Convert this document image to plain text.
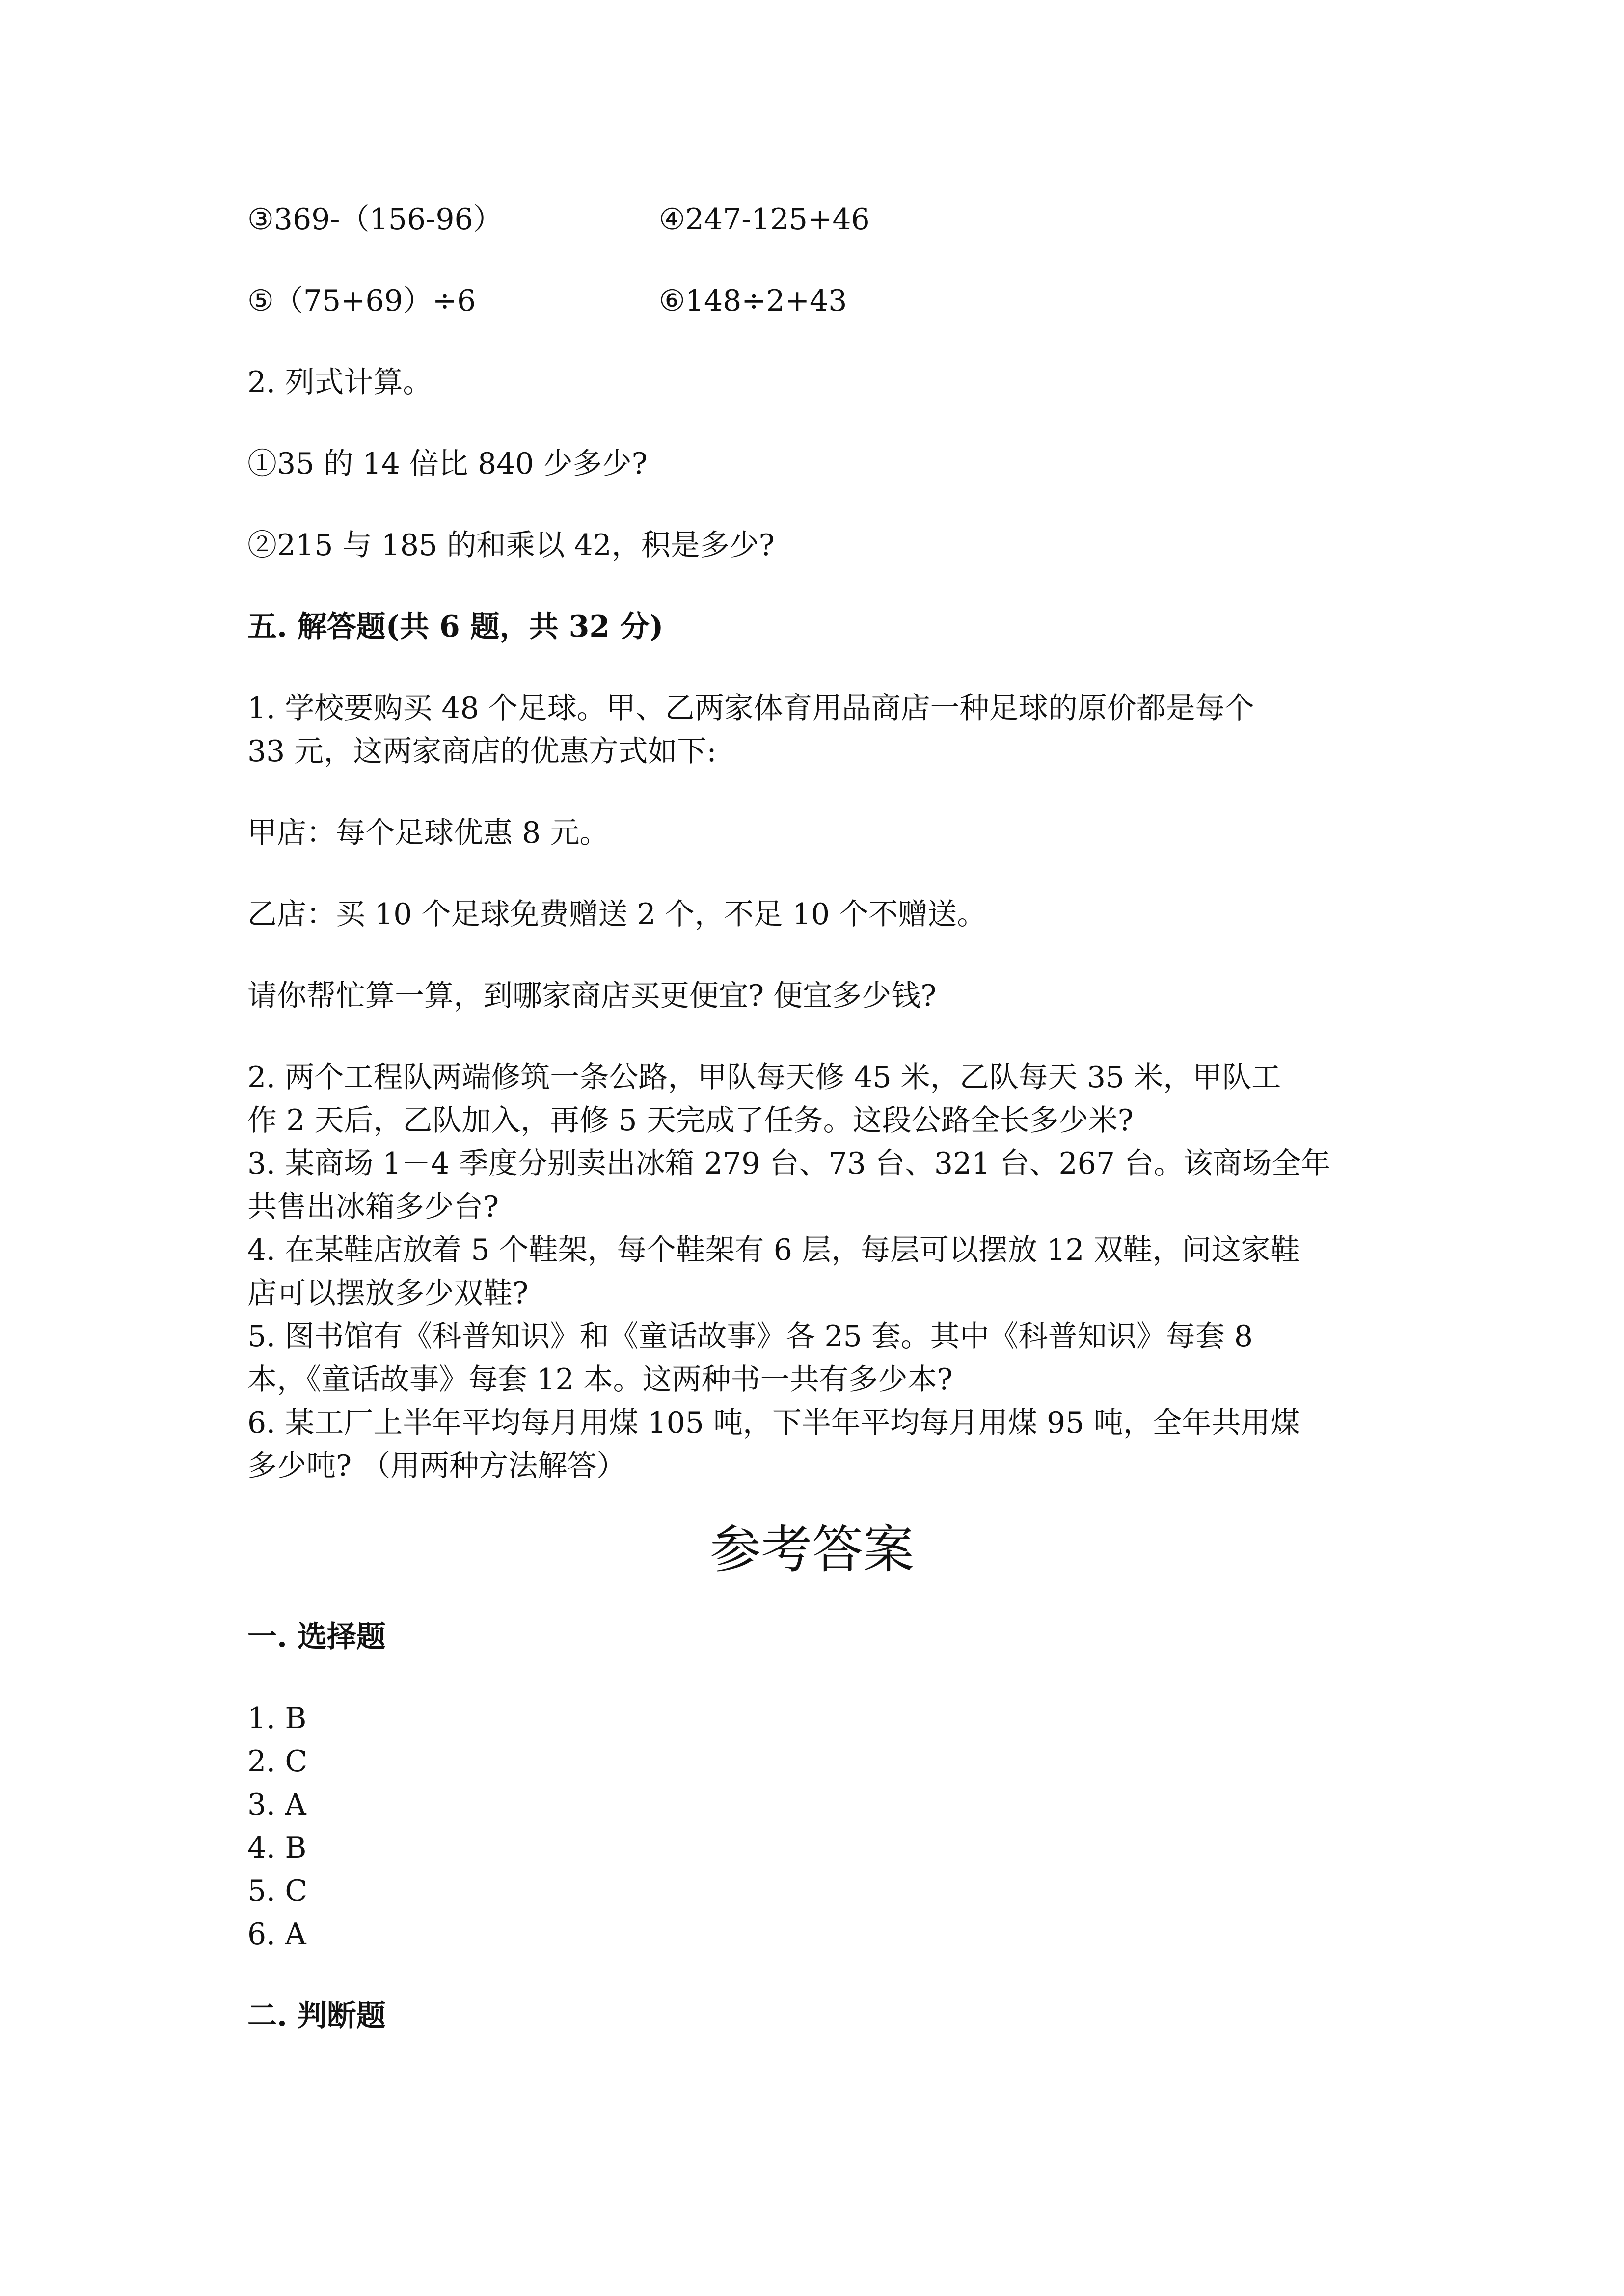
③369-（156-96）	④247-125+46

⑤（75+69）÷6	⑥148÷2+43

2. 列式计算。

①35 的 14 倍比 840 少多少?

②215 与 185 的和乘以 42，积是多少?

五. 解答题(共 6 题，共 32 分)

1. 学校要购买 48 个足球。甲、乙两家体育用品商店一种足球的原价都是每个

33 元，这两家商店的优惠方式如下:

甲店：每个足球优惠 8 元。

乙店：买 10 个足球免费赠送 2 个，不足 10 个不赠送。

请你帮忙算一算，到哪家商店买更便宜? 便宜多少钱?

2. 两个工程队两端修筑一条公路，甲队每天修 45 米，乙队每天 35 米，甲队工

作 2 天后，乙队加入，再修 5 天完成了任务。这段公路全长多少米?

3. 某商场 1－4 季度分别卖出冰箱 279 台、73 台、321 台、267 台。该商场全年

共售出冰箱多少台?

4. 在某鞋店放着 5 个鞋架，每个鞋架有 6 层，每层可以摆放 12 双鞋，问这家鞋

店可以摆放多少双鞋?

5. 图书馆有《科普知识》和《童话故事》各 25 套。其中《科普知识》每套 8

本，《童话故事》每套 12 本。这两种书一共有多少本?

6. 某工厂上半年平均每月用煤 105 吨，下半年平均每月用煤 95 吨，全年共用煤

多少吨? （用两种方法解答）

参考答案

一. 选择题

1. B

2. C

3. A

4. B

5. C

6. A

二. 判断题
